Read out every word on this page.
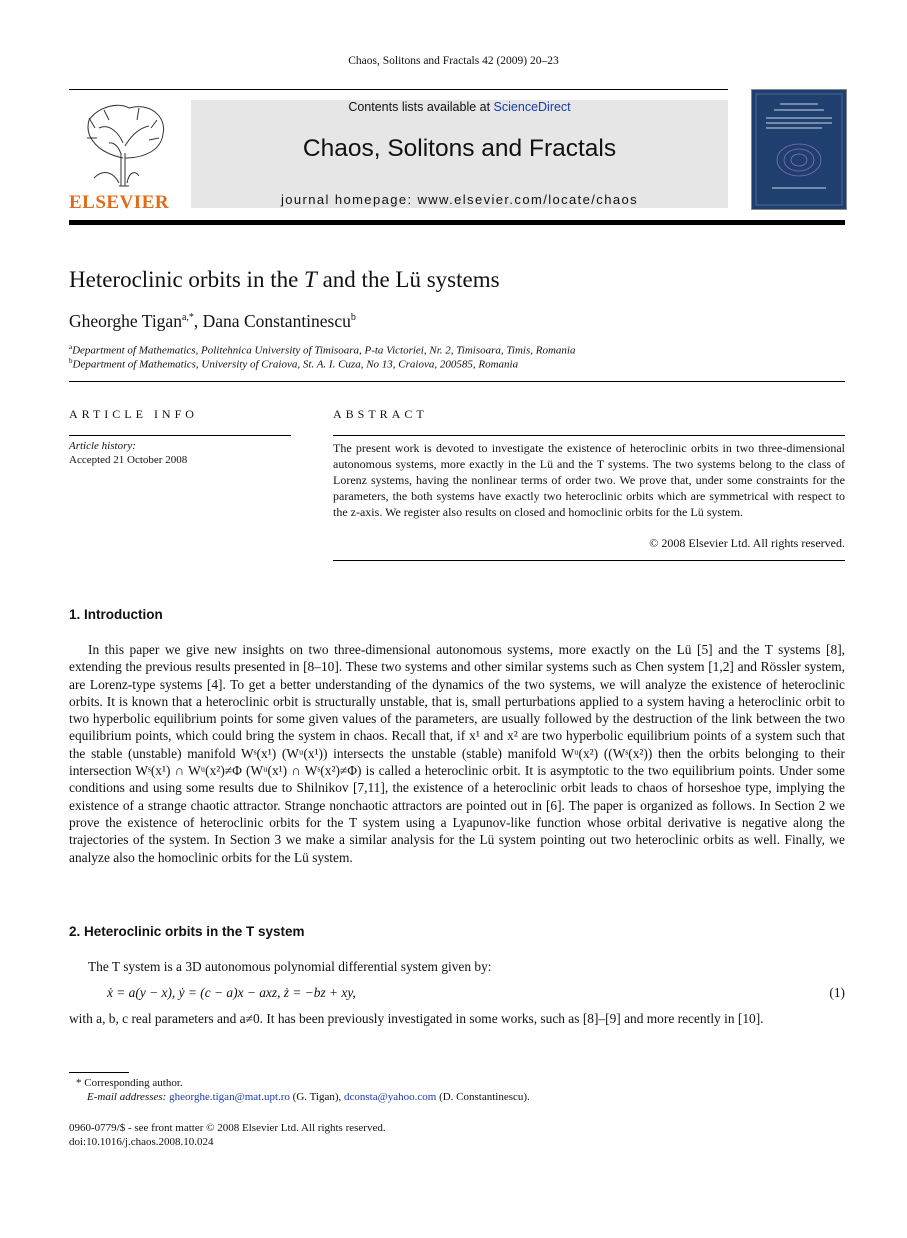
Chaos, Solitons and Fractals 42 (2009) 20–23
ELSEVIER
Contents lists available at ScienceDirect
Chaos, Solitons and Fractals
journal homepage: www.elsevier.com/locate/chaos
Heteroclinic orbits in the T and the Lü systems
Gheorghe Tigan$^{a,*}$, Dana Constantinescu$^b$
$^a$Department of Mathematics, Politehnica University of Timisoara, P-ta Victoriei, Nr. 2, Timisoara, Timis, Romania
$^b$Department of Mathematics, University of Craiova, St. A. I. Cuza, No 13, Craiova, 200585, Romania
ARTICLE INFO
Article history:
Accepted 21 October 2008
ABSTRACT
The present work is devoted to investigate the existence of heteroclinic orbits in two three-dimensional autonomous systems, more exactly in the Lü and the T systems. The two systems belong to the class of Lorenz systems, having the nonlinear terms of order two. We prove that, under some constraints for the parameters, the both systems have exactly two heteroclinic orbits which are symmetrical with respect to the z-axis. We register also results on closed and homoclinic orbits for the Lü system.
© 2008 Elsevier Ltd. All rights reserved.
1. Introduction
In this paper we give new insights on two three-dimensional autonomous systems, more exactly on the Lü [5] and the T systems [8], extending the previous results presented in [8–10]. These two systems and other similar systems such as Chen system [1,2] and Rössler system, are Lorenz-type systems [4]. To get a better understanding of the dynamics of the two systems, we will analyze the existence of heteroclinic orbits. It is known that a heteroclinic orbit is structurally unstable, that is, small perturbations applied to a system having a heteroclinic orbit to two hyperbolic equilibrium points for some given values of the parameters, are usually followed by the destruction of the link between the two equilibrium points, which could bring the system in chaos. Recall that, if x¹ and x² are two hyperbolic equilibrium points of a system such that the stable (unstable) manifold Wˢ(x¹) (Wᵘ(x¹)) intersects the unstable (stable) manifold Wᵘ(x²) ((Wˢ(x²)) then the orbits belonging to their intersection Wˢ(x¹) ∩ Wᵘ(x²)≠Φ (Wᵘ(x¹) ∩ Wˢ(x²)≠Φ) is called a heteroclinic orbit. It is asymptotic to the two equilibrium points. Under some conditions and using some results due to Shilnikov [7,11], the existence of a heteroclinic orbit leads to chaos of horseshoe type, implying the existence of a strange chaotic attractor. Strange nonchaotic attractors are pointed out in [6]. The paper is organized as follows. In Section 2 we prove the existence of heteroclinic orbits for the T system using a Lyapunov-like function whose orbital derivative is negative along the trajectories of the system. In Section 3 we make a similar analysis for the Lü system pointing out two heteroclinic orbits as well. Finally, we analyze also the homoclinic orbits for the Lü system.
2. Heteroclinic orbits in the T system
The T system is a 3D autonomous polynomial differential system given by:
ẋ = a(y − x), ẏ = (c − a)x − axz, ż = −bz + xy,	(1)
with a, b, c real parameters and a≠0. It has been previously investigated in some works, such as [8]–[9] and more recently in [10].
* Corresponding author.
E-mail addresses: gheorghe.tigan@mat.upt.ro (G. Tigan), dconsta@yahoo.com (D. Constantinescu).
0960-0779/$ - see front matter © 2008 Elsevier Ltd. All rights reserved.
doi:10.1016/j.chaos.2008.10.024
